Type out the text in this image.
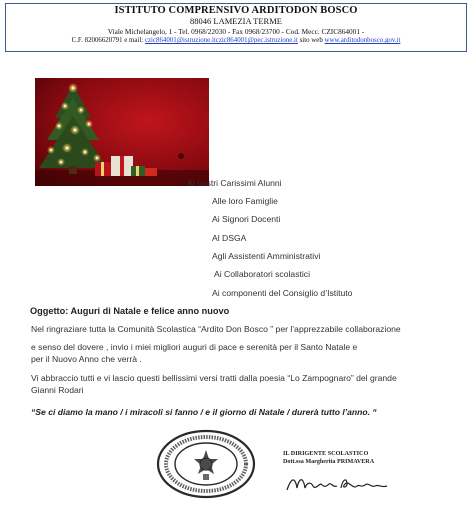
ISTITUTO COMPRENSIVO ARDITODON BOSCO
88046 LAMEZIA TERME
Viale Michelangelo, 1 - Tel. 0968/22030 - Fax 0968/23700 - Cod. Mecc. CZIC864001 -
C.F. 82006620791 e mail: czic864001@istruzione.itczic864001@pec.istruzione.it sito web www.arditodonbosco.gov.it
Ai nostri Carissimi Alunni
Alle loro Famiglie
Ai Signori Docenti
Al DSGA
Agli Assistenti Amministrativi
Ai Collaboratori scolastici
Ai componenti del Consiglio d’Istituto
Oggetto: Auguri di Natale e felice anno nuovo
Nel ringraziare tutta la Comunità Scolastica “Ardito Don Bosco ” per l’apprezzabile collaborazione
e senso del dovere , invio i miei migliori auguri di pace e serenità per il Santo Natale e
per il Nuovo Anno che verrà .
Vi abbraccio tutti e vi lascio questi bellissimi versi tratti dalla poesia “Lo Zampognaro” del grande
Gianni Rodari
“Se ci diamo la mano / i miracoli si fanno / e il giorno di Natale / durerà tutto l’anno. “
IL DIRIGENTE SCOLASTICO
Dott.ssa Margherita PRIMAVERA
